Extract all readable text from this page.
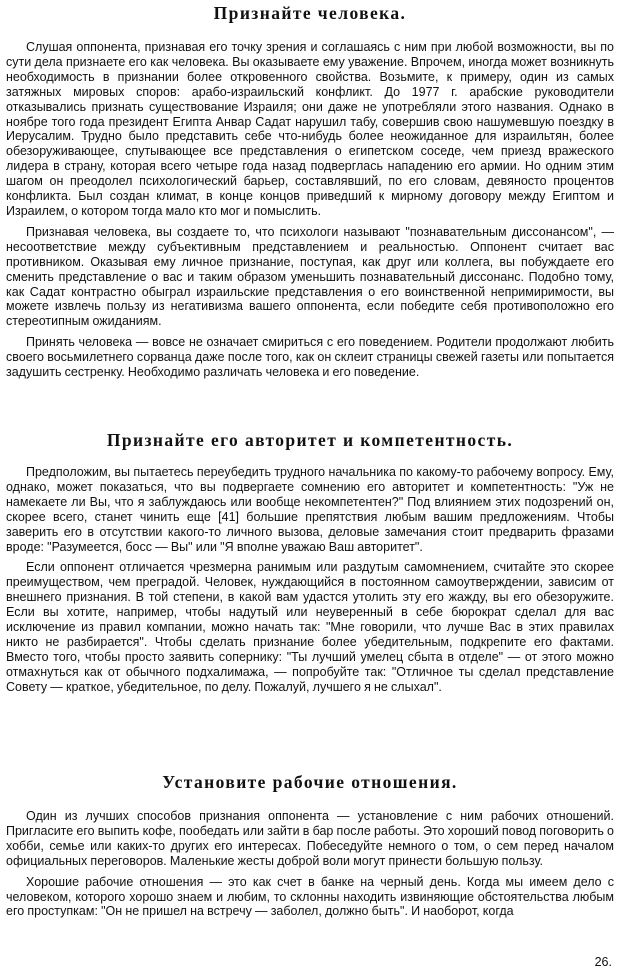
Признайте человека.

Слушая оппонента, признавая его точку зрения и соглашаясь с ним при любой возможности, вы по сути дела признаете его как человека. Вы оказываете ему уважение. Впрочем, иногда может возникнуть необходимость в признании более откровенного свойства. Возьмите, к примеру, один из самых затяжных мировых споров: арабо-израильский конфликт. До 1977 г. арабские руководители отказывались признать существование Израиля; они даже не употребляли этого названия. Однако в ноябре того года президент Египта Анвар Садат нарушил табу, совершив свою нашумевшую поездку в Иерусалим. Трудно было представить себе что-нибудь более неожиданное для израильтян, более обезоруживающее, спутывающее все представления о египетском соседе, чем приезд вражеского лидера в страну, которая всего четыре года назад подверглась нападению его армии. Но одним этим шагом он преодолел психологический барьер, составлявший, по его словам, девяносто процентов конфликта. Был создан климат, в конце концов приведший к мирному договору между Египтом и Израилем, о котором тогда мало кто мог и помыслить.

Признавая человека, вы создаете то, что психологи называют "познавательным диссонансом", — несоответствие между субъективным представлением и реальностью. Оппонент считает вас противником. Оказывая ему личное признание, поступая, как друг или коллега, вы побуждаете его сменить представление о вас и таким образом уменьшить познавательный диссонанс. Подобно тому, как Садат контрастно обыграл израильские представления о его воинственной непримиримости, вы можете извлечь пользу из негативизма вашего оппонента, если победите себя противоположно его стереотипным ожиданиям.

Принять человека — вовсе не означает смириться с его поведением. Родители продолжают любить своего восьмилетнего сорванца даже после того, как он склеит страницы свежей газеты или попытается задушить сестренку. Необходимо различать человека и его поведение.

Признайте его авторитет и компетентность.

Предположим, вы пытаетесь переубедить трудного начальника по какому-то рабочему вопросу. Ему, однако, может показаться, что вы подвергаете сомнению его авторитет и компетентность: "Уж не намекаете ли Вы, что я заблуждаюсь или вообще некомпетентен?" Под влиянием этих подозрений он, скорее всего, станет чинить еще [41] большие препятствия любым вашим предложениям. Чтобы заверить его в отсутствии какого-то личного вызова, деловые замечания стоит предварить фразами вроде: "Разумеется, босс — Вы" или "Я вполне уважаю Ваш авторитет".

Если оппонент отличается чрезмерна ранимым или раздутым самомнением, считайте это скорее преимуществом, чем преградой. Человек, нуждающийся в постоянном самоутверждении, зависим от внешнего признания. В той степени, в какой вам удастся утолить эту его жажду, вы его обезоружите. Если вы хотите, например, чтобы надутый или неуверенный в себе бюрократ сделал для вас исключение из правил компании, можно начать так: "Мне говорили, что лучше Вас в этих правилах никто не разбирается". Чтобы сделать признание более убедительным, подкрепите его фактами. Вместо того, чтобы просто заявить сопернику: "Ты лучший умелец сбыта в отделе" — от этого можно отмахнуться как от обычного подхалимажа, — попробуйте так: "Отличное ты сделал представление Совету — краткое, убедительное, по делу. Пожалуй, лучшего я не слыхал".

Установите рабочие отношения.

Один из лучших способов признания оппонента — установление с ним рабочих отношений. Пригласите его выпить кофе, пообедать или зайти в бар после работы. Это хороший повод поговорить о хобби, семье или каких-то других его интересах. Побеседуйте немного о том, о сем перед началом официальных переговоров. Маленькие жесты доброй воли могут принести большую пользу.

Хорошие рабочие отношения — это как счет в банке на черный день. Когда мы имеем дело с человеком, которого хорошо знаем и любим, то склонны находить извиняющие обстоятельства любым его проступкам: "Он не пришел на встречу — заболел, должно быть". И наоборот, когда

26.
